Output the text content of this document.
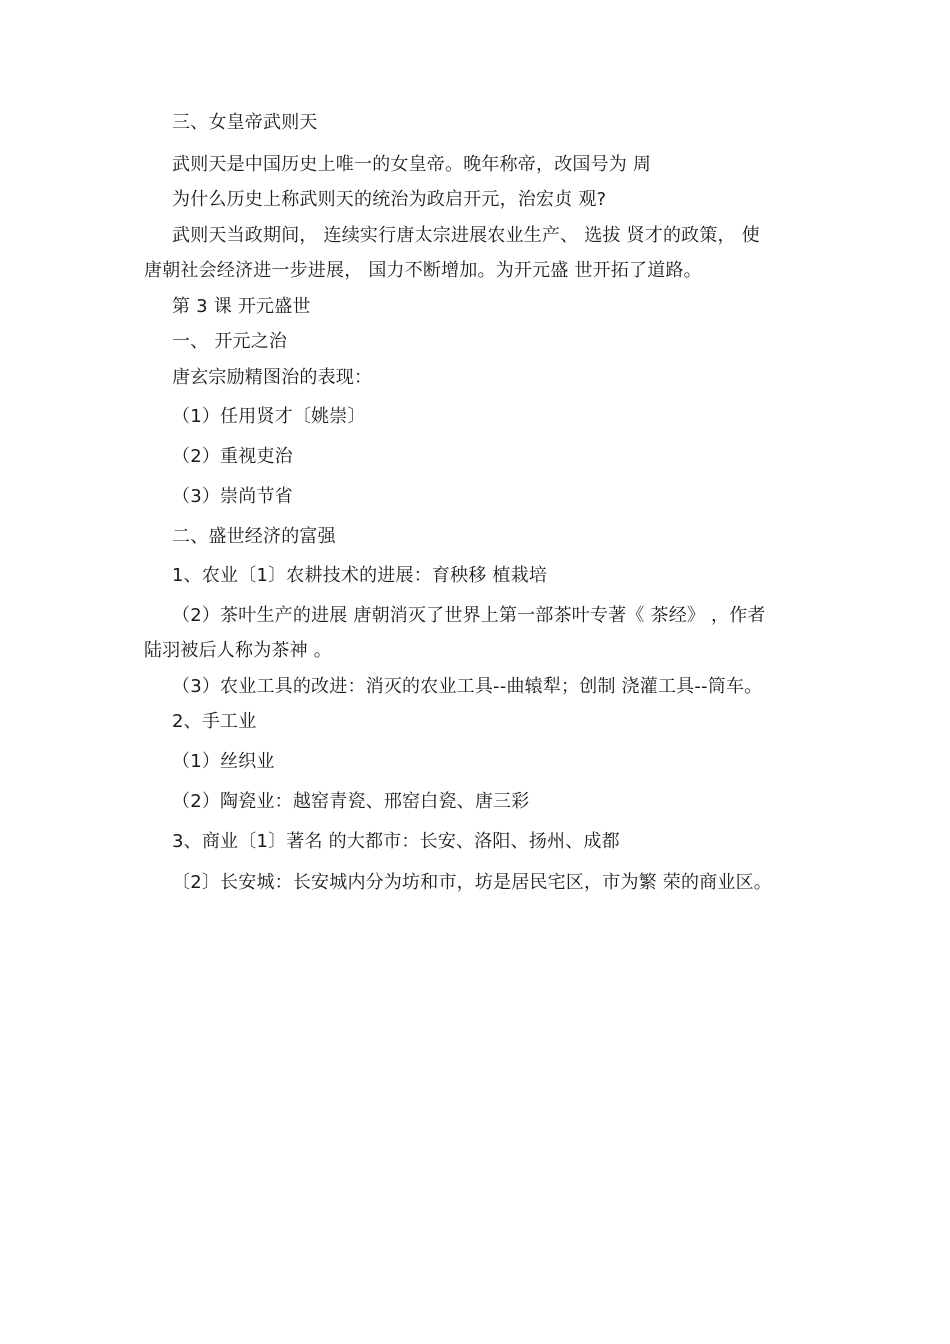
三、女皇帝武则天
武则天是中国历史上唯一的女皇帝。晚年称帝，改国号为 周
为什么历史上称武则天的统治为政启开元，治宏贞 观?
武则天当政期间， 连续实行唐太宗进展农业生产、 选拔 贤才的政策， 使
唐朝社会经济进一步进展， 国力不断增加。为开元盛 世开拓了道路。
第 3 课 开元盛世
一、 开元之治
唐玄宗励精图治的表现：
（1）任用贤才〔姚崇〕
（2）重视吏治
（3）崇尚节省
二、盛世经济的富强
1、农业〔1〕农耕技术的进展：育秧移 植栽培
（2）茶叶生产的进展 唐朝消灭了世界上第一部茶叶专著《 茶经》 ，作者
陆羽被后人称为茶神 。
（3）农业工具的改进：消灭的农业工具--曲辕犁；创制 浇灌工具--筒车。
2、手工业
（1）丝织业
（2）陶瓷业：越窑青瓷、邢窑白瓷、唐三彩
3、商业〔1〕著名 的大都市：长安、洛阳、扬州、成都
〔2〕长安城：长安城内分为坊和市，坊是居民宅区，市为繁 荣的商业区。
